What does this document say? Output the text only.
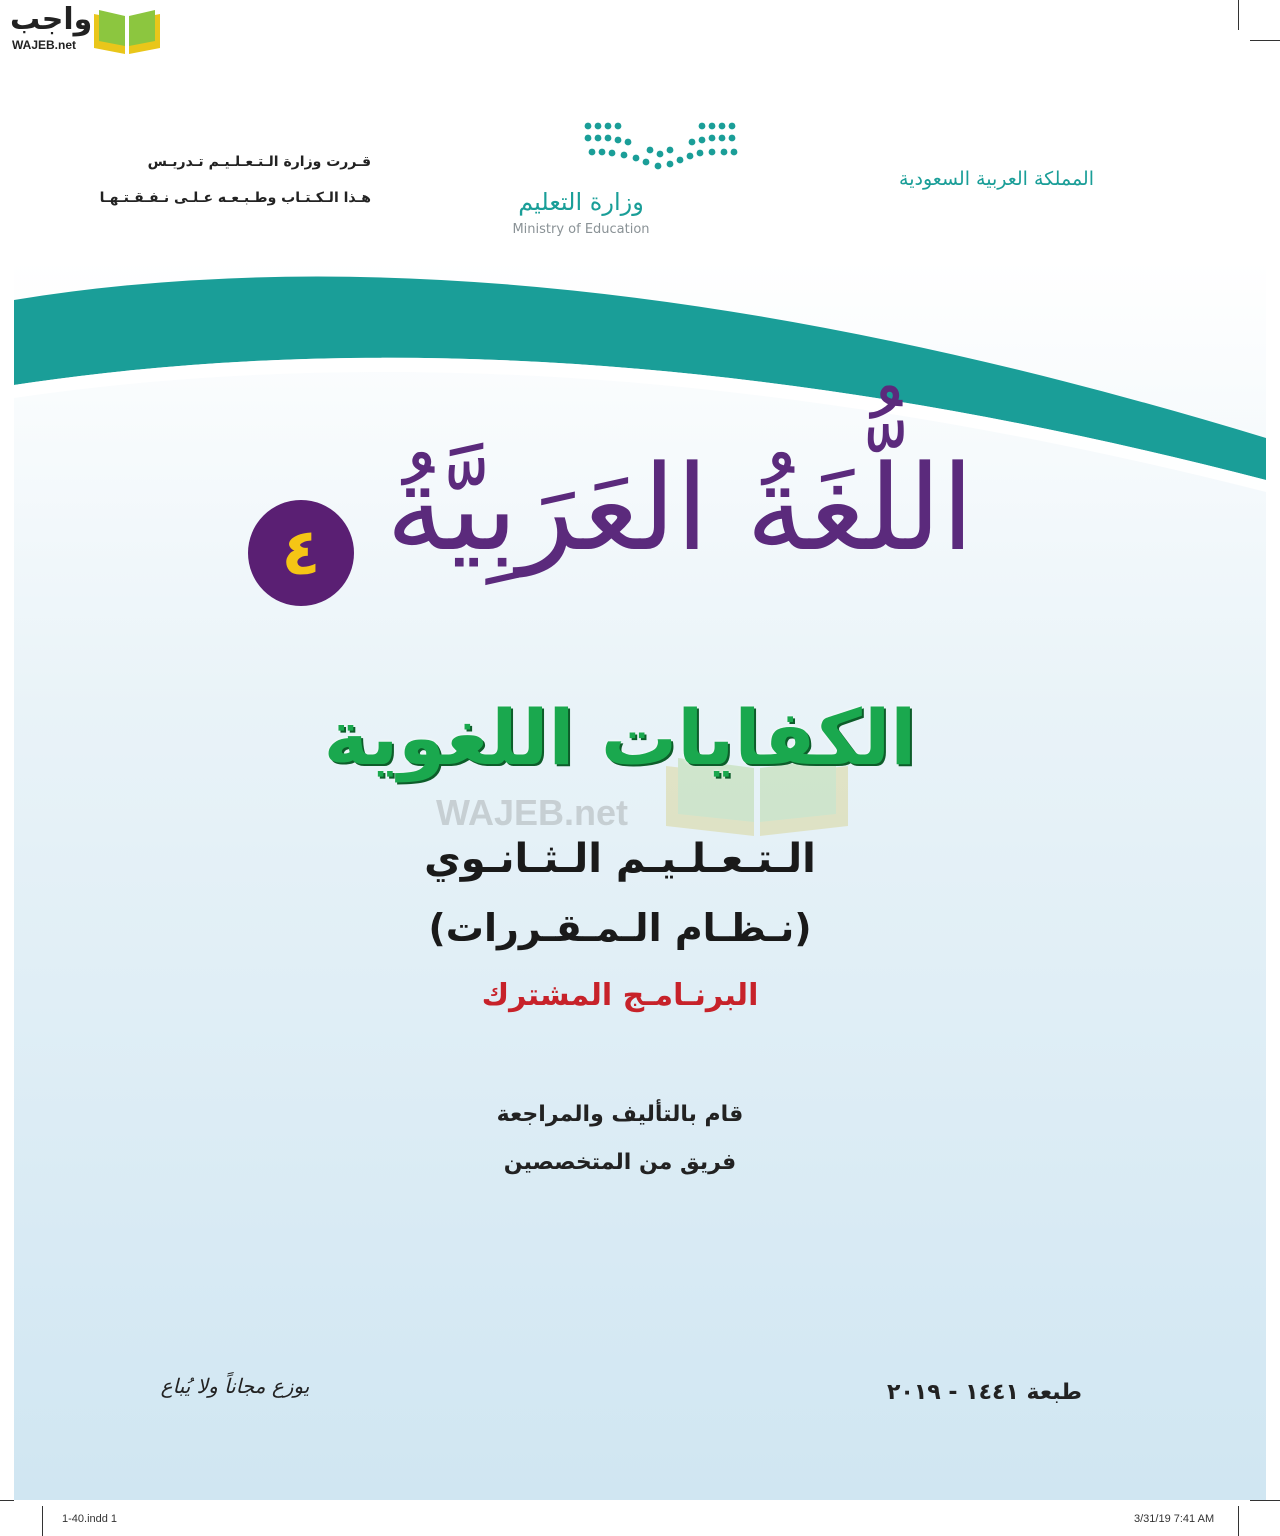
واجب
WAJEB.net
المملكة العربية السعودية
وزارة التعليم
Ministry of Education
قـررت وزارة الـتـعـلـيـم تـدريـس
هـذا الـكـتـاب وطـبـعـه عـلـى نـفـقـتـهـا
اللُّغَةُ العَرَبِيَّةُ
٤
الكفايات اللغوية
WAJEB.net
الـتـعـلـيـم الـثـانـوي
(نـظـام الـمـقـررات)
البرنـامـج المشترك
قام بالتأليف والمراجعة
فريق من المتخصصين
طبعة ١٤٤١ - ٢٠١٩
يوزع مجاناً ولا يُباع
1-40.indd 1	3/31/19 7:41 AM
